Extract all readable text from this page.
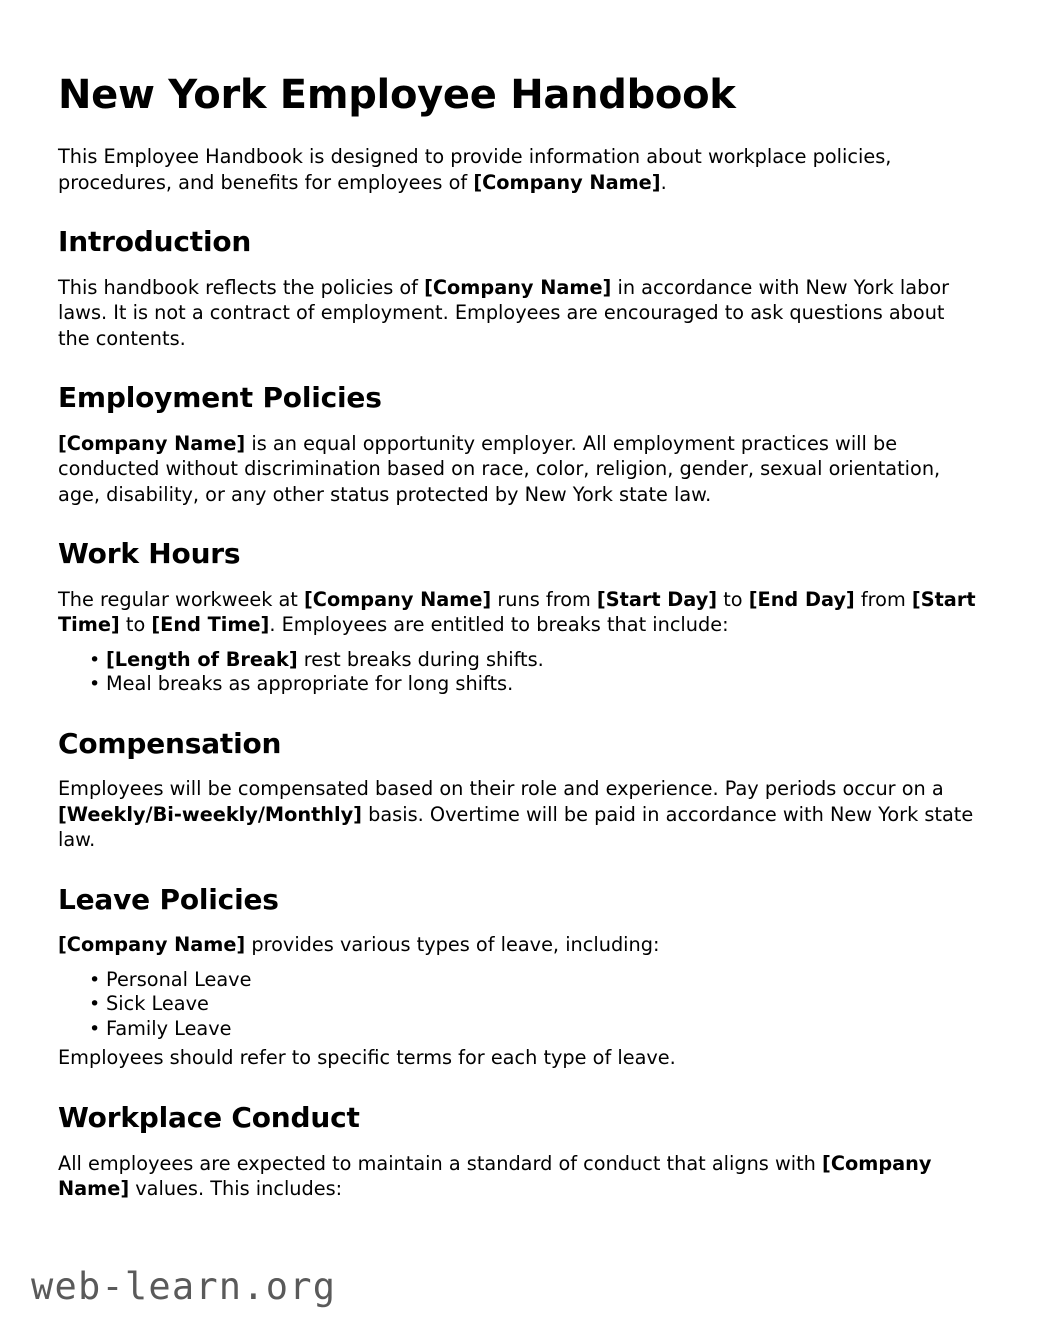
New York Employee Handbook

This Employee Handbook is designed to provide information about workplace policies, procedures, and benefits for employees of [Company Name].

Introduction

This handbook reflects the policies of [Company Name] in accordance with New York labor laws. It is not a contract of employment. Employees are encouraged to ask questions about the contents.

Employment Policies

[Company Name] is an equal opportunity employer. All employment practices will be conducted without discrimination based on race, color, religion, gender, sexual orientation, age, disability, or any other status protected by New York state law.

Work Hours

The regular workweek at [Company Name] runs from [Start Day] to [End Day] from [Start Time] to [End Time]. Employees are entitled to breaks that include:

• [Length of Break] rest breaks during shifts.
• Meal breaks as appropriate for long shifts.
Compensation

Employees will be compensated based on their role and experience. Pay periods occur on a [Weekly/Bi-weekly/Monthly] basis. Overtime will be paid in accordance with New York state law.

Leave Policies

[Company Name] provides various types of leave, including:

• Personal Leave
• Sick Leave
• Family Leave

Employees should refer to specific terms for each type of leave.

Workplace Conduct

All employees are expected to maintain a standard of conduct that aligns with [Company Name] values. This includes:

web-learn.org
